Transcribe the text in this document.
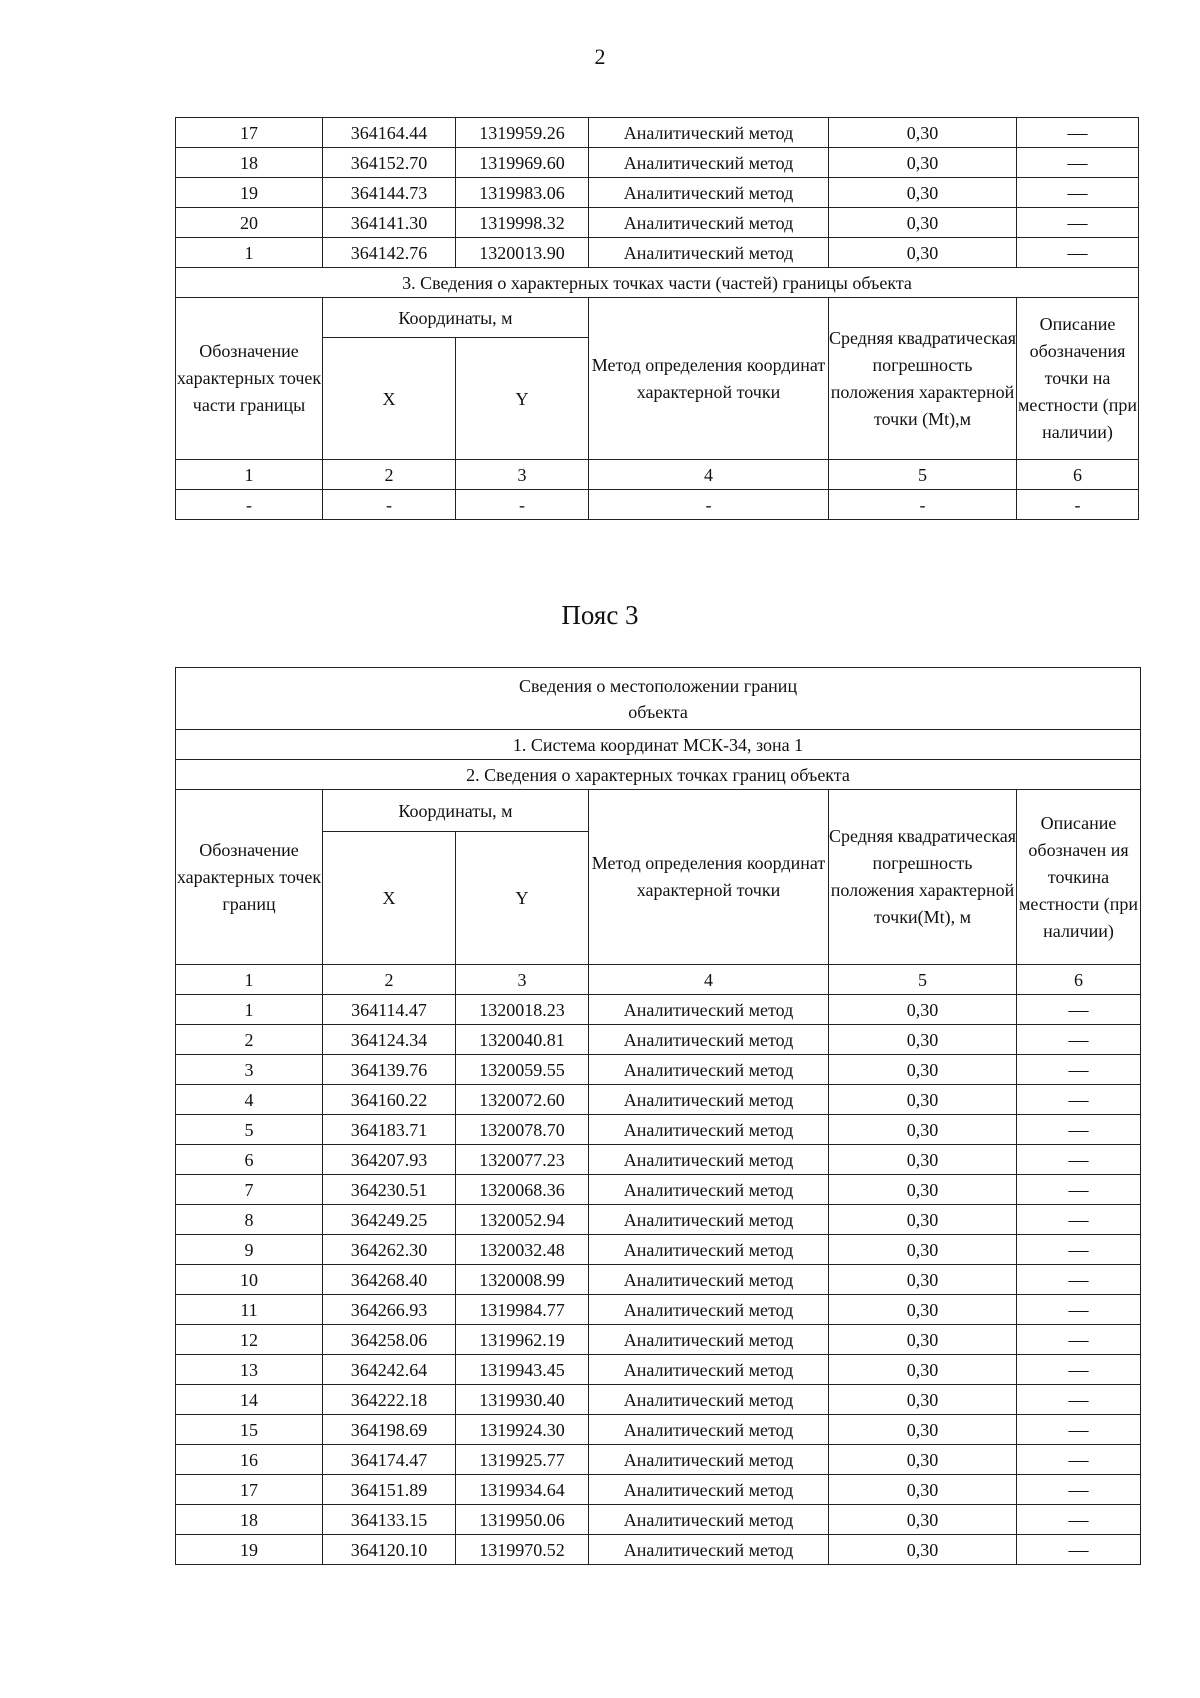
2
17	364164.44	1319959.26	Аналитический метод	0,30	—
18	364152.70	1319969.60	Аналитический метод	0,30	—
19	364144.73	1319983.06	Аналитический метод	0,30	—
20	364141.30	1319998.32	Аналитический метод	0,30	—
1	364142.76	1320013.90	Аналитический метод	0,30	—
3. Сведения о характерных точках части (частей) границы объекта					
Обозначение характерных точек части границы	Координаты, м		Метод определения координат характерной точки	Средняя квадратическая погрешность положения характерной точки (Mt),м	Описание обозначения точки на местности (при наличии)
	X	Y			
1	2	3	4	5	6
-	-	-	-	-	-
Пояс 3
Сведения о местоположении границ
объекта					

1. Система координат МСК-34, зона 1					
2. Сведения о характерных точках границ объекта					
Обозначение характерных точек границ	Координаты, м		Метод определения координат характерной точки	Средняя квадратическая погрешность положения характерной точки(Mt), м	Описание обозначен ия точкина местности (при наличии)
	X	Y			
1	2	3	4	5	6
1	364114.47	1320018.23	Аналитический метод	0,30	—
2	364124.34	1320040.81	Аналитический метод	0,30	—
3	364139.76	1320059.55	Аналитический метод	0,30	—
4	364160.22	1320072.60	Аналитический метод	0,30	—
5	364183.71	1320078.70	Аналитический метод	0,30	—
6	364207.93	1320077.23	Аналитический метод	0,30	—
7	364230.51	1320068.36	Аналитический метод	0,30	—
8	364249.25	1320052.94	Аналитический метод	0,30	—
9	364262.30	1320032.48	Аналитический метод	0,30	—
10	364268.40	1320008.99	Аналитический метод	0,30	—
11	364266.93	1319984.77	Аналитический метод	0,30	—
12	364258.06	1319962.19	Аналитический метод	0,30	—
13	364242.64	1319943.45	Аналитический метод	0,30	—
14	364222.18	1319930.40	Аналитический метод	0,30	—
15	364198.69	1319924.30	Аналитический метод	0,30	—
16	364174.47	1319925.77	Аналитический метод	0,30	—
17	364151.89	1319934.64	Аналитический метод	0,30	—
18	364133.15	1319950.06	Аналитический метод	0,30	—
19	364120.10	1319970.52	Аналитический метод	0,30	—
